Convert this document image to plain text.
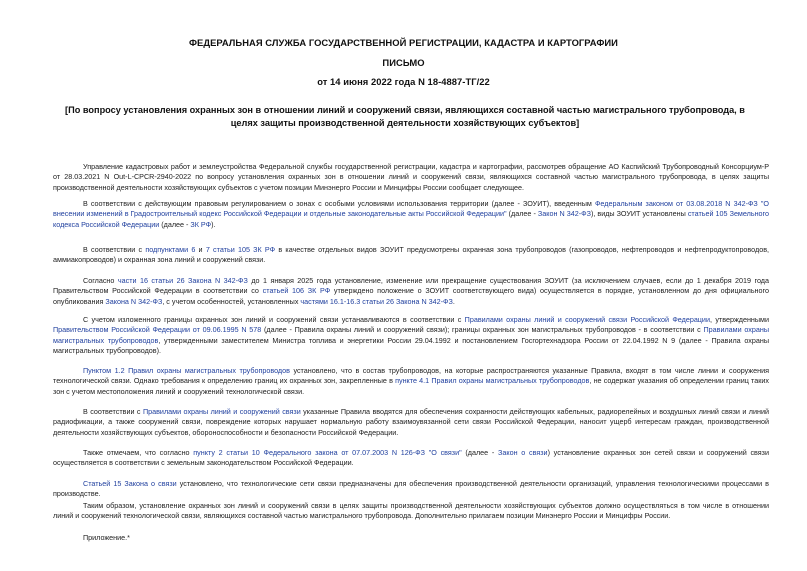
ФЕДЕРАЛЬНАЯ СЛУЖБА ГОСУДАРСТВЕННОЙ РЕГИСТРАЦИИ, КАДАСТРА И КАРТОГРАФИИ
ПИСЬМО
от 14 июня 2022 года N 18-4887-ТГ/22
[По вопросу установления охранных зон в отношении линий и сооружений связи, являющихся составной частью магистрального трубопровода, в целях защиты производственной деятельности хозяйствующих субъектов]

Управление кадастровых работ и землеустройства Федеральной службы государственной регистрации, кадастра и картографии, рассмотрев обращение АО Каспийский Трубопроводный Консорциум-Р от 28.03.2021 N Out-L-CPCR-2940-2022 по вопросу установления охранных зон в отношении линий и сооружений связи, являющихся составной частью магистрального трубопровода, в целях защиты производственной деятельности хозяйствующих субъектов с учетом позиции Минэнерго России и Минцифры России сообщает следующее.

В соответствии с действующим правовым регулированием о зонах с особыми условиями использования территории (далее - ЗОУИТ), введенным Федеральным законом от 03.08.2018 N 342-ФЗ "О внесении изменений в Градостроительный кодекс Российской Федерации и отдельные законодательные акты Российской Федерации" (далее - Закон N 342-ФЗ), виды ЗОУИТ установлены статьей 105 Земельного кодекса Российской Федерации (далее - ЗК РФ).

В соответствии с подпунктами 6 и 7 статьи 105 ЗК РФ в качестве отдельных видов ЗОУИТ предусмотрены охранная зона трубопроводов (газопроводов, нефтепроводов и нефтепродуктопроводов, аммиакопроводов) и охранная зона линий и сооружений связи.

Согласно части 16 статьи 26 Закона N 342-ФЗ до 1 января 2025 года установление, изменение или прекращение существования ЗОУИТ (за исключением случаев, если до 1 декабря 2019 года Правительством Российской Федерации в соответствии со статьей 106 ЗК РФ утверждено положение о ЗОУИТ соответствующего вида) осуществляется в порядке, установленном до дня официального опубликования Закона N 342-ФЗ, с учетом особенностей, установленных частями 16.1-16.3 статьи 26 Закона N 342-ФЗ.

С учетом изложенного границы охранных зон линий и сооружений связи устанавливаются в соответствии с Правилами охраны линий и сооружений связи Российской Федерации, утвержденными Правительством Российской Федерации от 09.06.1995 N 578 (далее - Правила охраны линий и сооружений связи); границы охранных зон магистральных трубопроводов - в соответствии с Правилами охраны магистральных трубопроводов, утвержденными заместителем Министра топлива и энергетики России 29.04.1992 и постановлением Госгортехнадзора России от 22.04.1992 N 9 (далее - Правила охраны магистральных трубопроводов).

Пунктом 1.2 Правил охраны магистральных трубопроводов установлено, что в состав трубопроводов, на которые распространяются указанные Правила, входят в том числе линии и сооружения технологической связи. Однако требования к определению границ их охранных зон, закрепленные в пункте 4.1 Правил охраны магистральных трубопроводов, не содержат указания об определении границ таких зон с учетом местоположения линий и сооружений технологической связи.

В соответствии с Правилами охраны линий и сооружений связи указанные Правила вводятся для обеспечения сохранности действующих кабельных, радиорелейных и воздушных линий связи и линий радиофикации, а также сооружений связи, повреждение которых нарушает нормальную работу взаимоувязанной сети связи Российской Федерации, наносит ущерб интересам граждан, производственной деятельности хозяйствующих субъектов, обороноспособности и безопасности Российской Федерации.

Также отмечаем, что согласно пункту 2 статьи 10 Федерального закона от 07.07.2003 N 126-ФЗ "О связи" (далее - Закон о связи) установление охранных зон сетей связи и сооружений связи осуществляется в соответствии с земельным законодательством Российской Федерации.

Статьей 15 Закона о связи установлено, что технологические сети связи предназначены для обеспечения производственной деятельности организаций, управления технологическими процессами в производстве.

Таким образом, установление охранных зон линий и сооружений связи в целях защиты производственной деятельности хозяйствующих субъектов должно осуществляться в том числе в отношении линий и сооружений технологической связи, являющихся составной частью магистрального трубопровода. Дополнительно прилагаем позиции Минэнерго России и Минцифры России.

Приложение.*
